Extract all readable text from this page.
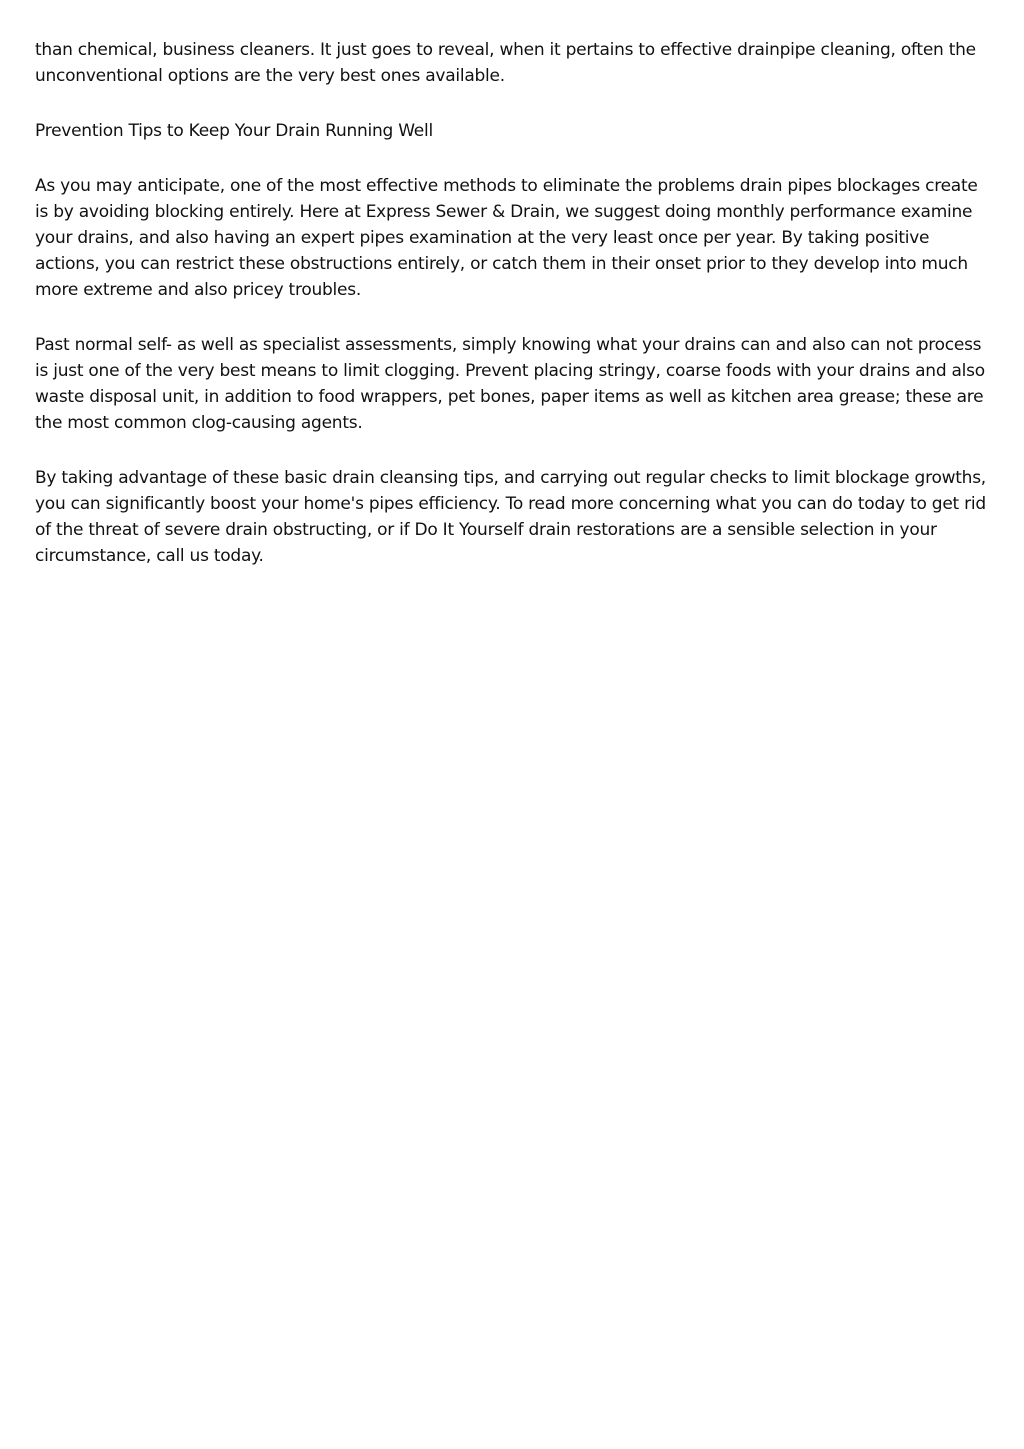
than chemical, business cleaners. It just goes to reveal, when it pertains to effective drainpipe cleaning, often the unconventional options are the very best ones available.

Prevention Tips to Keep Your Drain Running Well

As you may anticipate, one of the most effective methods to eliminate the problems drain pipes blockages create is by avoiding blocking entirely. Here at Express Sewer & Drain, we suggest doing monthly performance examine your drains, and also having an expert pipes examination at the very least once per year. By taking positive actions, you can restrict these obstructions entirely, or catch them in their onset prior to they develop into much more extreme and also pricey troubles.

Past normal self- as well as specialist assessments, simply knowing what your drains can and also can not process is just one of the very best means to limit clogging. Prevent placing stringy, coarse foods with your drains and also waste disposal unit, in addition to food wrappers, pet bones, paper items as well as kitchen area grease; these are the most common clog-causing agents.

By taking advantage of these basic drain cleansing tips, and carrying out regular checks to limit blockage growths, you can significantly boost your home's pipes efficiency. To read more concerning what you can do today to get rid of the threat of severe drain obstructing, or if Do It Yourself drain restorations are a sensible selection in your circumstance, call us today.
